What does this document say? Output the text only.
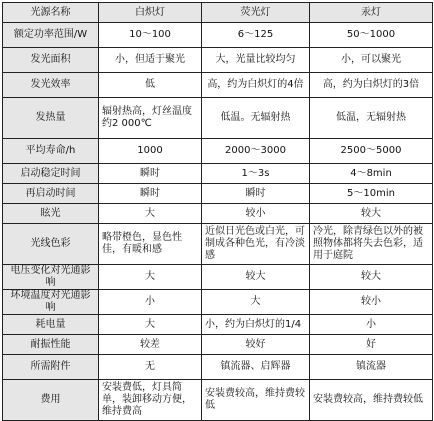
光源名称	白炽灯	荧光灯	汞灯
额定功率范围/W	10～100	6～125	50～1000
发光面积	小，但适于聚光	大，光量比较均匀	小，可以聚光
发光效率	低	高，约为白炽灯的4倍	高，约为白炽灯的3倍
发热量	辐射热高，灯丝温度约2 000℃	低温。无辐射热	低温，无辐射热
平均寿命/h	1000	2000～3000	2500～5000
启动稳定时间	瞬时	1～3s	4～8min
再启动时间	瞬时	瞬时	5～10min
眩光	大	较小	较大
光线色彩	略带橙色，显色性佳，有暖和感	近似日光色或白光，可制成各种色光，有冷淡感	冷光，除青绿色以外的被照物体都将失去色彩，适用于庭院
电压变化对光通影响	大	较大	较大
环境温度对光通影响	小	大	较小
耗电量	大	小，约为白炽灯的1/4	小
耐振性能	较差	较好	好
所需附件	无	镇流器、启辉器	镇流器
费用	安装费低，灯具简单，装卸移动方便，维持费高	安装费较高，维持费较低	安装费较高，维持费较低
